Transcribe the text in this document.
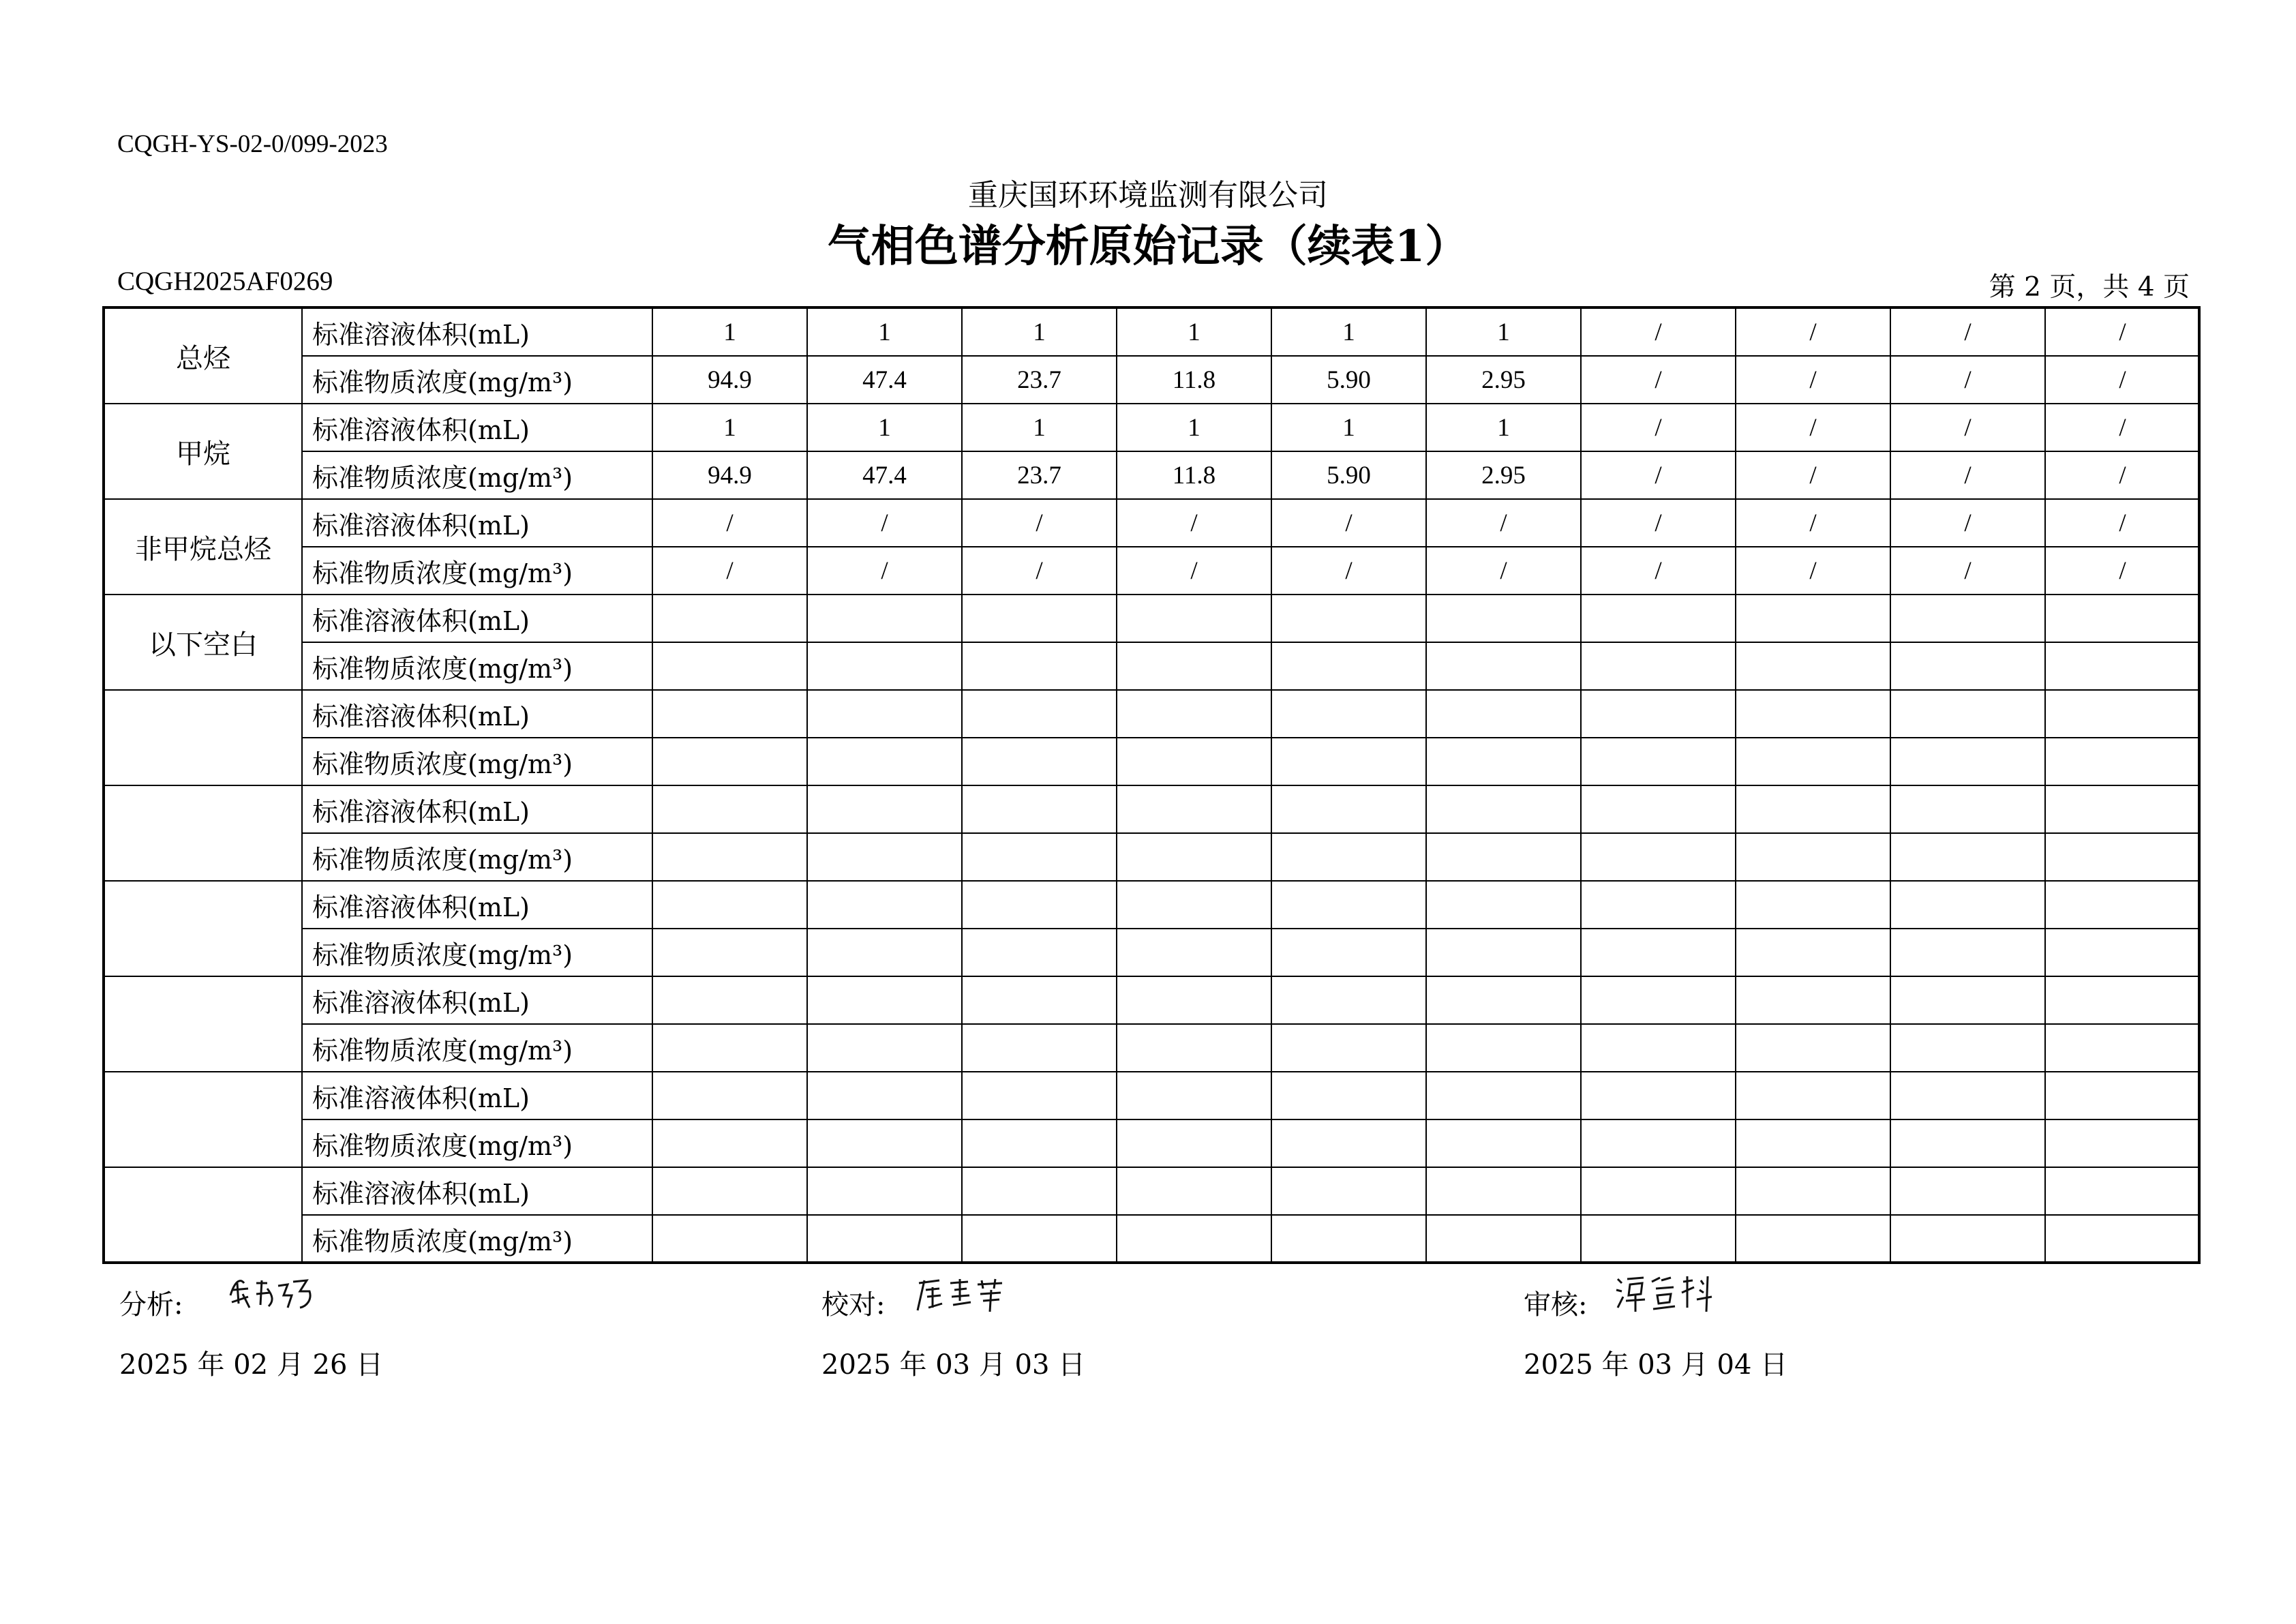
CQGH-YS-02-0/099-2023
重庆国环环境监测有限公司
气相色谱分析原始记录（续表1）
CQGH2025AF0269	第 2 页，共 4 页
总烃	标准溶液体积(mL)	1	1	1	1	1	1	/	/	/	/
	标准物质浓度(mg/m³)	94.9	47.4	23.7	11.8	5.90	2.95	/	/	/	/
甲烷	标准溶液体积(mL)	1	1	1	1	1	1	/	/	/	/
	标准物质浓度(mg/m³)	94.9	47.4	23.7	11.8	5.90	2.95	/	/	/	/
非甲烷总烃	标准溶液体积(mL)	/	/	/	/	/	/	/	/	/	/
	标准物质浓度(mg/m³)	/	/	/	/	/	/	/	/	/	/
以下空白	标准溶液体积(mL)										
	标准物质浓度(mg/m³)										
	标准溶液体积(mL)										
	标准物质浓度(mg/m³)										
	标准溶液体积(mL)										
	标准物质浓度(mg/m³)										
	标准溶液体积(mL)										
	标准物质浓度(mg/m³)										
	标准溶液体积(mL)										
	标准物质浓度(mg/m³)										
	标准溶液体积(mL)										
	标准物质浓度(mg/m³)										
	标准溶液体积(mL)										
	标准物质浓度(mg/m³)										
分析:
2025 年 02 月 26 日
校对:
2025 年 03 月 03 日
审核:
2025 年 03 月 04 日
